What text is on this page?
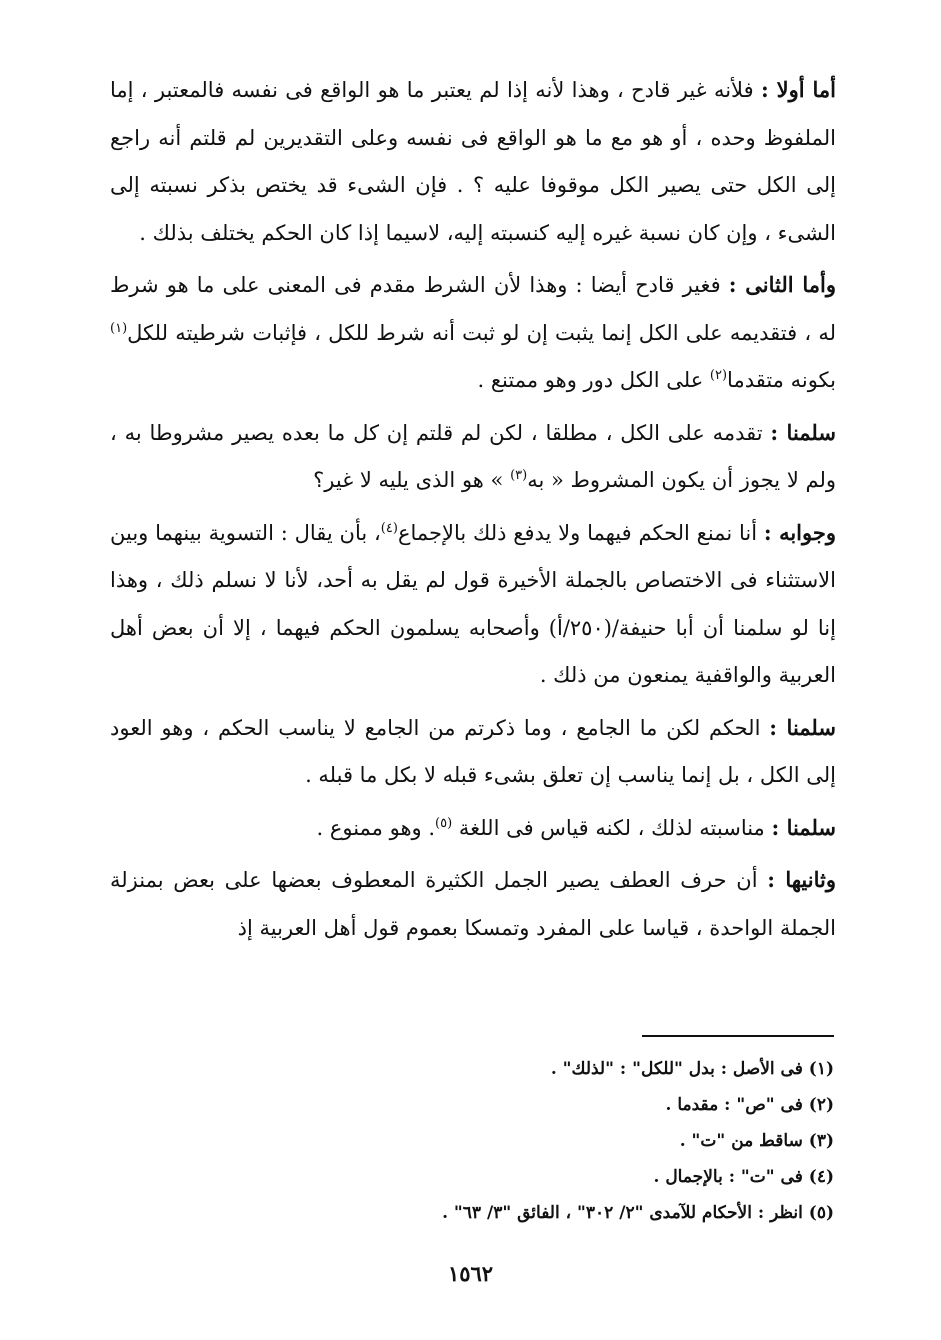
أما أولا : فلأنه غير قادح ، وهذا لأنه إذا لم يعتبر ما هو الواقع فى نفسه فالمعتبر ، إما الملفوظ وحده ، أو هو مع ما هو الواقع فى نفسه وعلى التقديرين لم قلتم أنه راجع إلى الكل حتى يصير الكل موقوفا عليه ؟ . فإن الشىء قد يختص بذكر نسبته إلى الشىء ، وإن كان نسبة غيره إليه كنسبته إليه، لاسيما إذا كان الحكم يختلف بذلك .

وأما الثانى : فغير قادح أيضا : وهذا لأن الشرط مقدم فى المعنى على ما هو شرط له ، فتقديمه على الكل إنما يثبت إن لو ثبت أنه شرط للكل ، فإثبات شرطيته للكل$^{(١)}$ بكونه متقدما$^{(٢)}$ على الكل دور وهو ممتنع .

سلمنا : تقدمه على الكل ، مطلقا ، لكن لم قلتم إن كل ما بعده يصير مشروطا به ، ولم لا يجوز أن يكون المشروط « به$^{(٣)}$ » هو الذى يليه لا غير؟

وجوابه : أنا نمنع الحكم فيهما ولا يدفع ذلك بالإجماع$^{(٤)}$، بأن يقال : التسوية بينهما وبين الاستثناء فى الاختصاص بالجملة الأخيرة قول لم يقل به أحد، لأنا لا نسلم ذلك ، وهذا إنا لو سلمنا أن أبا حنيفة/(٢٥٠/أ) وأصحابه يسلمون الحكم فيهما ، إلا أن بعض أهل العربية والواقفية يمنعون من ذلك .

سلمنا : الحكم لكن ما الجامع ، وما ذكرتم من الجامع لا يناسب الحكم ، وهو العود إلى الكل ، بل إنما يناسب إن تعلق بشىء قبله لا بكل ما قبله .

سلمنا : مناسبته لذلك ، لكنه قياس فى اللغة $^{(٥)}$. وهو ممنوع .

وثانيها : أن حرف العطف يصير الجمل الكثيرة المعطوف بعضها على بعض بمنزلة الجملة الواحدة ، قياسا على المفرد وتمسكا بعموم قول أهل العربية إذ

(١) فى الأصل : بدل "للكل" : "لذلك" .
(٢) فى "ص" : مقدما .
(٣) ساقط من "ت" .
(٤) فى "ت" : بالإجمال .
(٥) انظر : الأحكام للآمدى "٢/ ٣٠٢" ، الفائق "٣/ ٦٣" .
١٥٦٢
